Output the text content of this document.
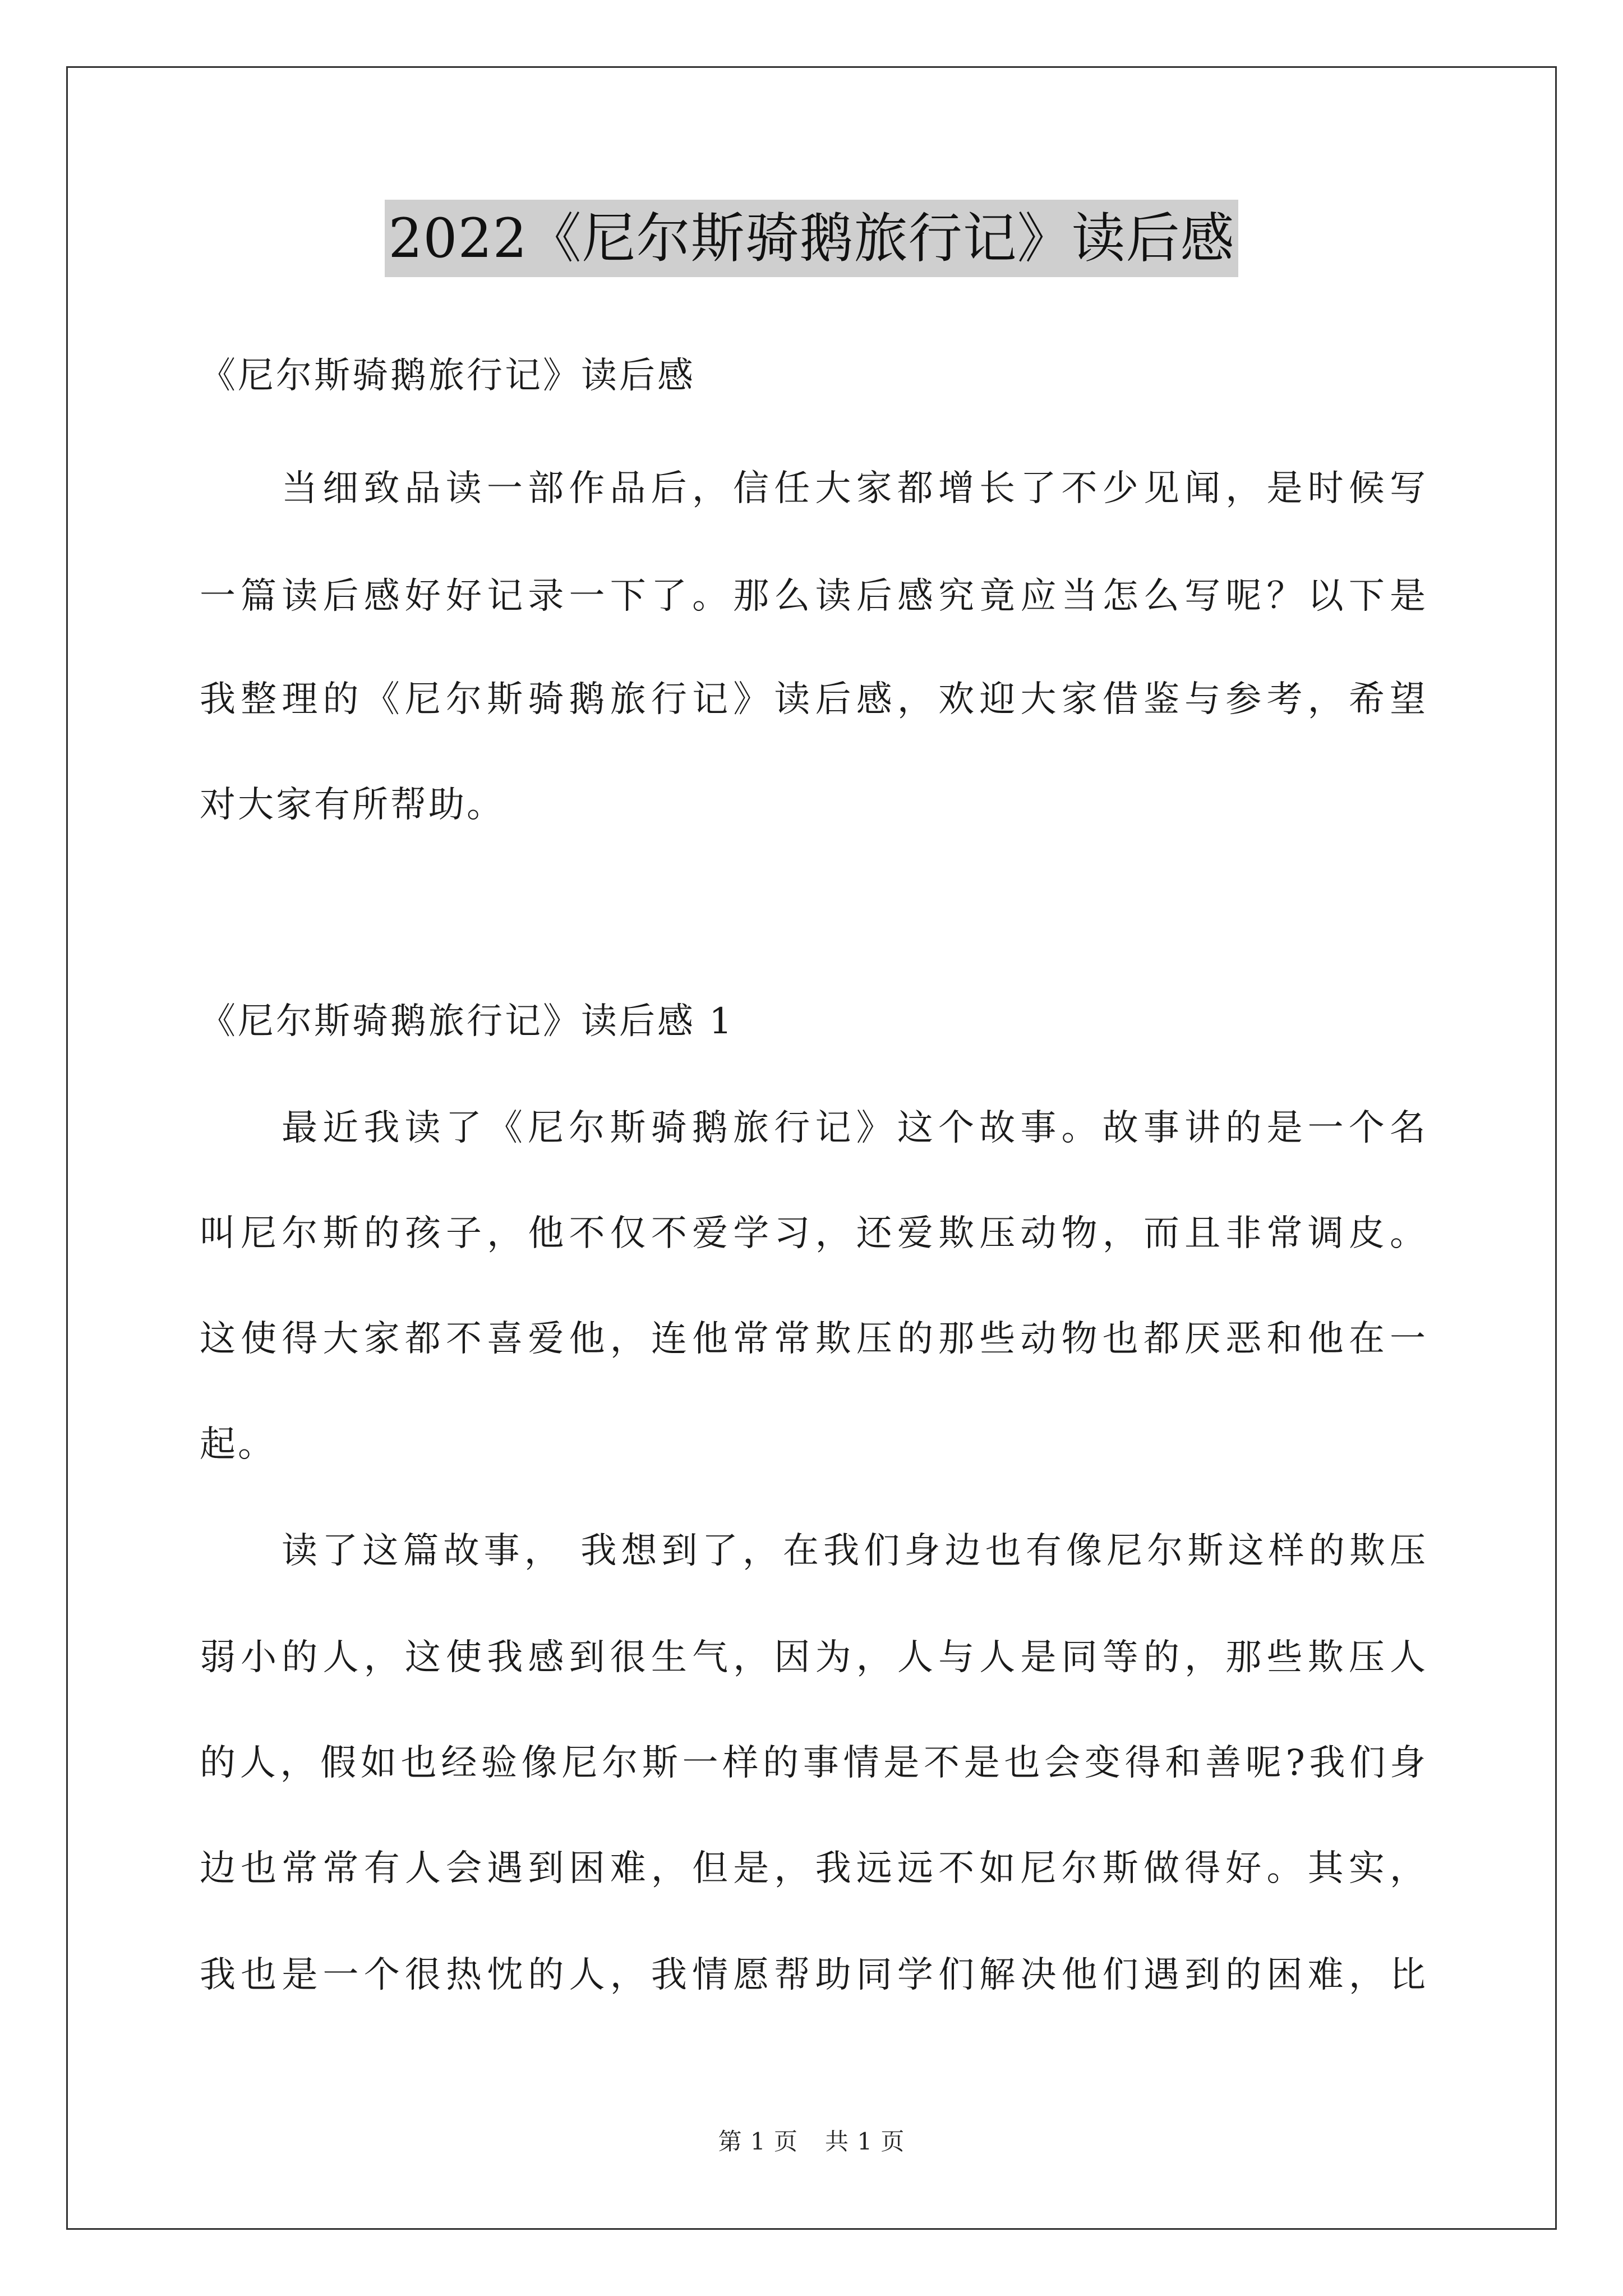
2022《尼尔斯骑鹅旅行记》读后感
《尼尔斯骑鹅旅行记》读后感
当细致品读一部作品后，信任大家都增长了不少见闻，是时候写
一篇读后感好好记录一下了。那么读后感究竟应当怎么写呢？以下是
我整理的《尼尔斯骑鹅旅行记》读后感，欢迎大家借鉴与参考，希望
对大家有所帮助。
《尼尔斯骑鹅旅行记》读后感 1
最近我读了《尼尔斯骑鹅旅行记》这个故事。故事讲的是一个名
叫尼尔斯的孩子，他不仅不爱学习，还爱欺压动物，而且非常调皮。
这使得大家都不喜爱他，连他常常欺压的那些动物也都厌恶和他在一
起。
读了这篇故事， 我想到了，在我们身边也有像尼尔斯这样的欺压
弱小的人，这使我感到很生气，因为，人与人是同等的，那些欺压人
的人，假如也经验像尼尔斯一样的事情是不是也会变得和善呢?我们身
边也常常有人会遇到困难，但是，我远远不如尼尔斯做得好。其实，
我也是一个很热忱的人，我情愿帮助同学们解决他们遇到的困难，比
第 1 页 共 1 页
